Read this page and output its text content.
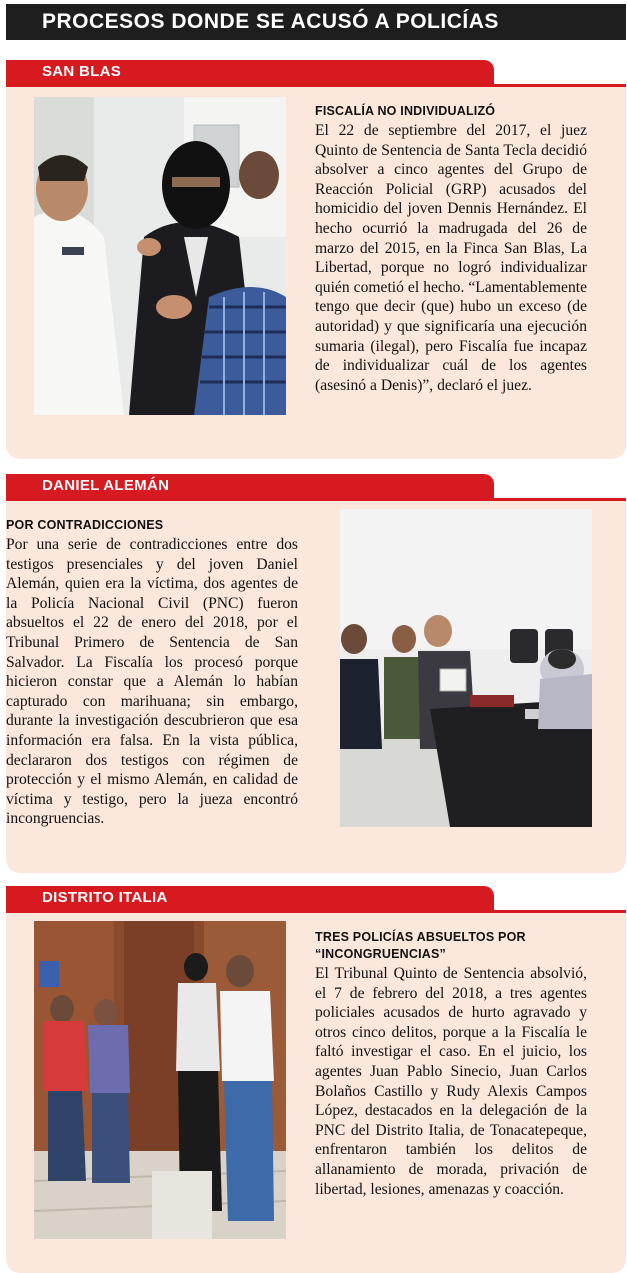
PROCESOS DONDE SE ACUSÓ A POLICÍAS
SAN BLAS
FISCALÍA NO INDIVIDUALIZÓ
El 22 de septiembre del 2017, el juez Quinto de Sentencia de Santa Tecla decidió absolver a cinco agentes del Grupo de Reacción Policial (GRP) acusados del homicidio del joven Dennis Hernández. El hecho ocurrió la madrugada del 26 de marzo del 2015, en la Finca San Blas, La Libertad, porque no logró individualizar quién cometió el hecho. “Lamentablemente tengo que decir (que) hubo un exceso (de autoridad) y que significaría una ejecución sumaria (ilegal), pero Fiscalía fue incapaz de individualizar cuál de los agentes (asesinó a Denis)”, declaró el juez.
DANIEL ALEMÁN
POR CONTRADICCIONES
Por una serie de contradicciones entre dos testigos presenciales y del joven Daniel Alemán, quien era la víctima, dos agentes de la Policía Nacional Civil (PNC) fueron absueltos el 22 de enero del 2018, por el Tribunal Primero de Sentencia de San Salvador. La Fiscalía los procesó porque hicieron constar que a Alemán lo habían capturado con marihuana; sin embargo, durante la investigación descubrieron que esa información era falsa. En la vista pública, declararon dos testigos con régimen de protección y el mismo Alemán, en calidad de víctima y testigo, pero la jueza encontró incongruencias.
DISTRITO ITALIA
TRES POLICÍAS ABSUELTOS POR “INCONGRUENCIAS”
El Tribunal Quinto de Sentencia absolvió, el 7 de febrero del 2018, a tres agentes policiales acusados de hurto agravado y otros cinco delitos, porque a la Fiscalía le faltó investigar el caso. En el juicio, los agentes Juan Pablo Sinecio, Juan Carlos Bolaños Castillo y Rudy Alexis Campos López, destacados en la delegación de la PNC del Distrito Italia, de Tonacatepeque, enfrentaron también los delitos de allanamiento de morada, privación de libertad, lesiones, amenazas y coacción.
